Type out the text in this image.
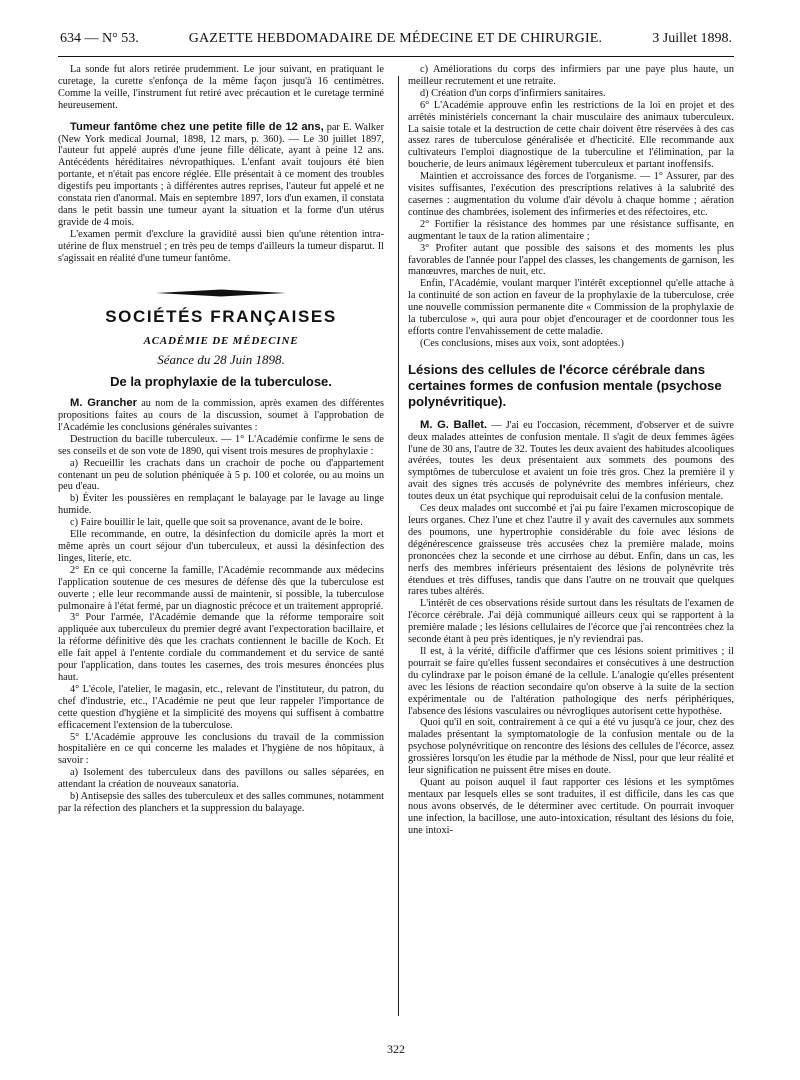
634 — N° 53.	GAZETTE HEBDOMADAIRE DE MÉDECINE ET DE CHIRURGIE.	3 Juillet 1898.

La sonde fut alors retirée prudemment. Le jour suivant, en pratiquant le curetage, la curette s'enfonça de la même façon jusqu'à 16 centimètres. Comme la veille, l'instrument fut retiré avec précaution et le curetage terminé heureusement.

Tumeur fantôme chez une petite fille de 12 ans, par E. Walker (New York medical Journal, 1898, 12 mars, p. 360). — Le 30 juillet 1897, l'auteur fut appelé auprès d'une jeune fille délicate, ayant à peine 12 ans. Antécédents héréditaires névropathiques. L'enfant avait toujours été bien portante, et n'était pas encore réglée. Elle présentait à ce moment des troubles digestifs peu importants ; à différentes autres reprises, l'auteur fut appelé et ne constata rien d'anormal. Mais en septembre 1897, lors d'un examen, il constata dans le petit bassin une tumeur ayant la situation et la forme d'un utérus gravide de 4 mois.

L'examen permit d'exclure la gravidité aussi bien qu'une rétention intra-utérine de flux menstruel ; en très peu de temps d'ailleurs la tumeur disparut. Il s'agissait en réalité d'une tumeur fantôme.

SOCIÉTÉS FRANÇAISES
ACADÉMIE DE MÉDECINE
Séance du 28 Juin 1898.
De la prophylaxie de la tuberculose.

M. Grancher au nom de la commission, après examen des différentes propositions faites au cours de la discussion, soumet à l'approbation de l'Académie les conclusions générales suivantes :

Destruction du bacille tuberculeux. — 1° L'Académie confirme le sens de ses conseils et de son vote de 1890, qui visent trois mesures de prophylaxie :

a) Recueillir les crachats dans un crachoir de poche ou d'appartement contenant un peu de solution phéniquée à 5 p. 100 et colorée, ou au moins un peu d'eau.

b) Éviter les poussières en remplaçant le balayage par le lavage au linge humide.

c) Faire bouillir le lait, quelle que soit sa provenance, avant de le boire.

Elle recommande, en outre, la désinfection du domicile après la mort et même après un court séjour d'un tuberculeux, et aussi la désinfection des linges, literie, etc.

2° En ce qui concerne la famille, l'Académie recommande aux médecins l'application soutenue de ces mesures de défense dès que la tuberculose est ouverte ; elle leur recommande aussi de maintenir, si possible, la tuberculose pulmonaire à l'état fermé, par un diagnostic précoce et un traitement approprié.

3° Pour l'armée, l'Académie demande que la réforme temporaire soit appliquée aux tuberculeux du premier degré avant l'expectoration bacillaire, et la réforme définitive dès que les crachats contiennent le bacille de Koch. Et elle fait appel à l'entente cordiale du commandement et du service de santé pour l'application, dans toutes les casernes, des trois mesures énoncées plus haut.

4° L'école, l'atelier, le magasin, etc., relevant de l'instituteur, du patron, du chef d'industrie, etc., l'Académie ne peut que leur rappeler l'importance de cette question d'hygiène et la simplicité des moyens qui suffisent à combattre efficacement l'extension de la tuberculose.

5° L'Académie approuve les conclusions du travail de la commission hospitalière en ce qui concerne les malades et l'hygiène de nos hôpitaux, à savoir :

a) Isolement des tuberculeux dans des pavillons ou salles séparées, en attendant la création de nouveaux sanatoria.

b) Antisepsie des salles des tuberculeux et des salles communes, notamment par la réfection des planchers et la suppression du balayage.

c) Améliorations du corps des infirmiers par une paye plus haute, un meilleur recrutement et une retraite.

d) Création d'un corps d'infirmiers sanitaires.

6° L'Académie approuve enfin les restrictions de la loi en projet et des arrêtés ministériels concernant la chair musculaire des animaux tuberculeux. La saisie totale et la destruction de cette chair doivent être réservées à des cas assez rares de tuberculose généralisée et d'hecticité. Elle recommande aux cultivateurs l'emploi diagnostique de la tuberculine et l'élimination, par la boucherie, de leurs animaux légèrement tuberculeux et partant inoffensifs.

Maintien et accroissance des forces de l'organisme. — 1° Assurer, par des visites suffisantes, l'exécution des prescriptions relatives à la salubrité des casernes : augmentation du volume d'air dévolu à chaque homme ; aération continue des chambrées, isolement des infirmeries et des réfectoires, etc.

2° Fortifier la résistance des hommes par une résistance suffisante, en augmentant le taux de la ration alimentaire ;

3° Profiter autant que possible des saisons et des moments les plus favorables de l'année pour l'appel des classes, les changements de garnison, les manœuvres, marches de nuit, etc.

Enfin, l'Académie, voulant marquer l'intérêt exceptionnel qu'elle attache à la continuité de son action en faveur de la prophylaxie de la tuberculose, crée une nouvelle commission permanente dite « Commission de la prophylaxie de la tuberculose », qui aura pour objet d'encourager et de coordonner tous les efforts contre l'envahissement de cette maladie.

(Ces conclusions, mises aux voix, sont adoptées.)

Lésions des cellules de l'écorce cérébrale dans certaines formes de confusion mentale (psychose polynévritique).

M. G. Ballet. — J'ai eu l'occasion, récemment, d'observer et de suivre deux malades atteintes de confusion mentale. Il s'agit de deux femmes âgées l'une de 30 ans, l'autre de 32. Toutes les deux avaient des habitudes alcooliques avérées, toutes les deux présentaient aux sommets des poumons des symptômes de tuberculose et avaient un foie très gros. Chez la première il y avait des signes très accusés de polynévrite des membres inférieurs, chez toutes deux un état psychique qui reproduisait celui de la confusion mentale.

Ces deux malades ont succombé et j'ai pu faire l'examen microscopique de leurs organes. Chez l'une et chez l'autre il y avait des cavernules aux sommets des poumons, une hypertrophie considérable du foie avec lésions de dégénérescence graisseuse très accusées chez la première malade, moins prononcées chez la seconde et une cirrhose au début. Enfin, dans un cas, les nerfs des membres inférieurs présentaient des lésions de polynévrite très étendues et très diffuses, tandis que dans l'autre on ne trouvait que quelques rares tubes altérés.

L'intérêt de ces observations réside surtout dans les résultats de l'examen de l'écorce cérébrale. J'ai déjà communiqué ailleurs ceux qui se rapportent à la première malade ; les lésions cellulaires de l'écorce que j'ai rencontrées chez la seconde étant à peu près identiques, je n'y reviendrai pas.

Il est, à la vérité, difficile d'affirmer que ces lésions soient primitives ; il pourrait se faire qu'elles fussent secondaires et consécutives à une destruction du cylindraxe par le poison émané de la cellule. L'analogie qu'elles présentent avec les lésions de réaction secondaire qu'on observe à la suite de la section expérimentale ou de l'altération pathologique des nerfs périphériques, l'absence des lésions vasculaires ou névrogliques autorisent cette hypothèse.

Quoi qu'il en soit, contrairement à ce qui a été vu jusqu'à ce jour, chez des malades présentant la symptomatologie de la confusion mentale ou de la psychose polynévritique on rencontre des lésions des cellules de l'écorce, assez grossières lorsqu'on les étudie par la méthode de Nissl, pour que leur réalité et leur signification ne puissent être mises en doute.

Quant au poison auquel il faut rapporter ces lésions et les symptômes mentaux par lesquels elles se sont traduites, il est difficile, dans les cas que nous avons observés, de le déterminer avec certitude. On pourrait invoquer une infection, la bacillose, une auto-intoxication, résultant des lésions du foie, une intoxi-

322
